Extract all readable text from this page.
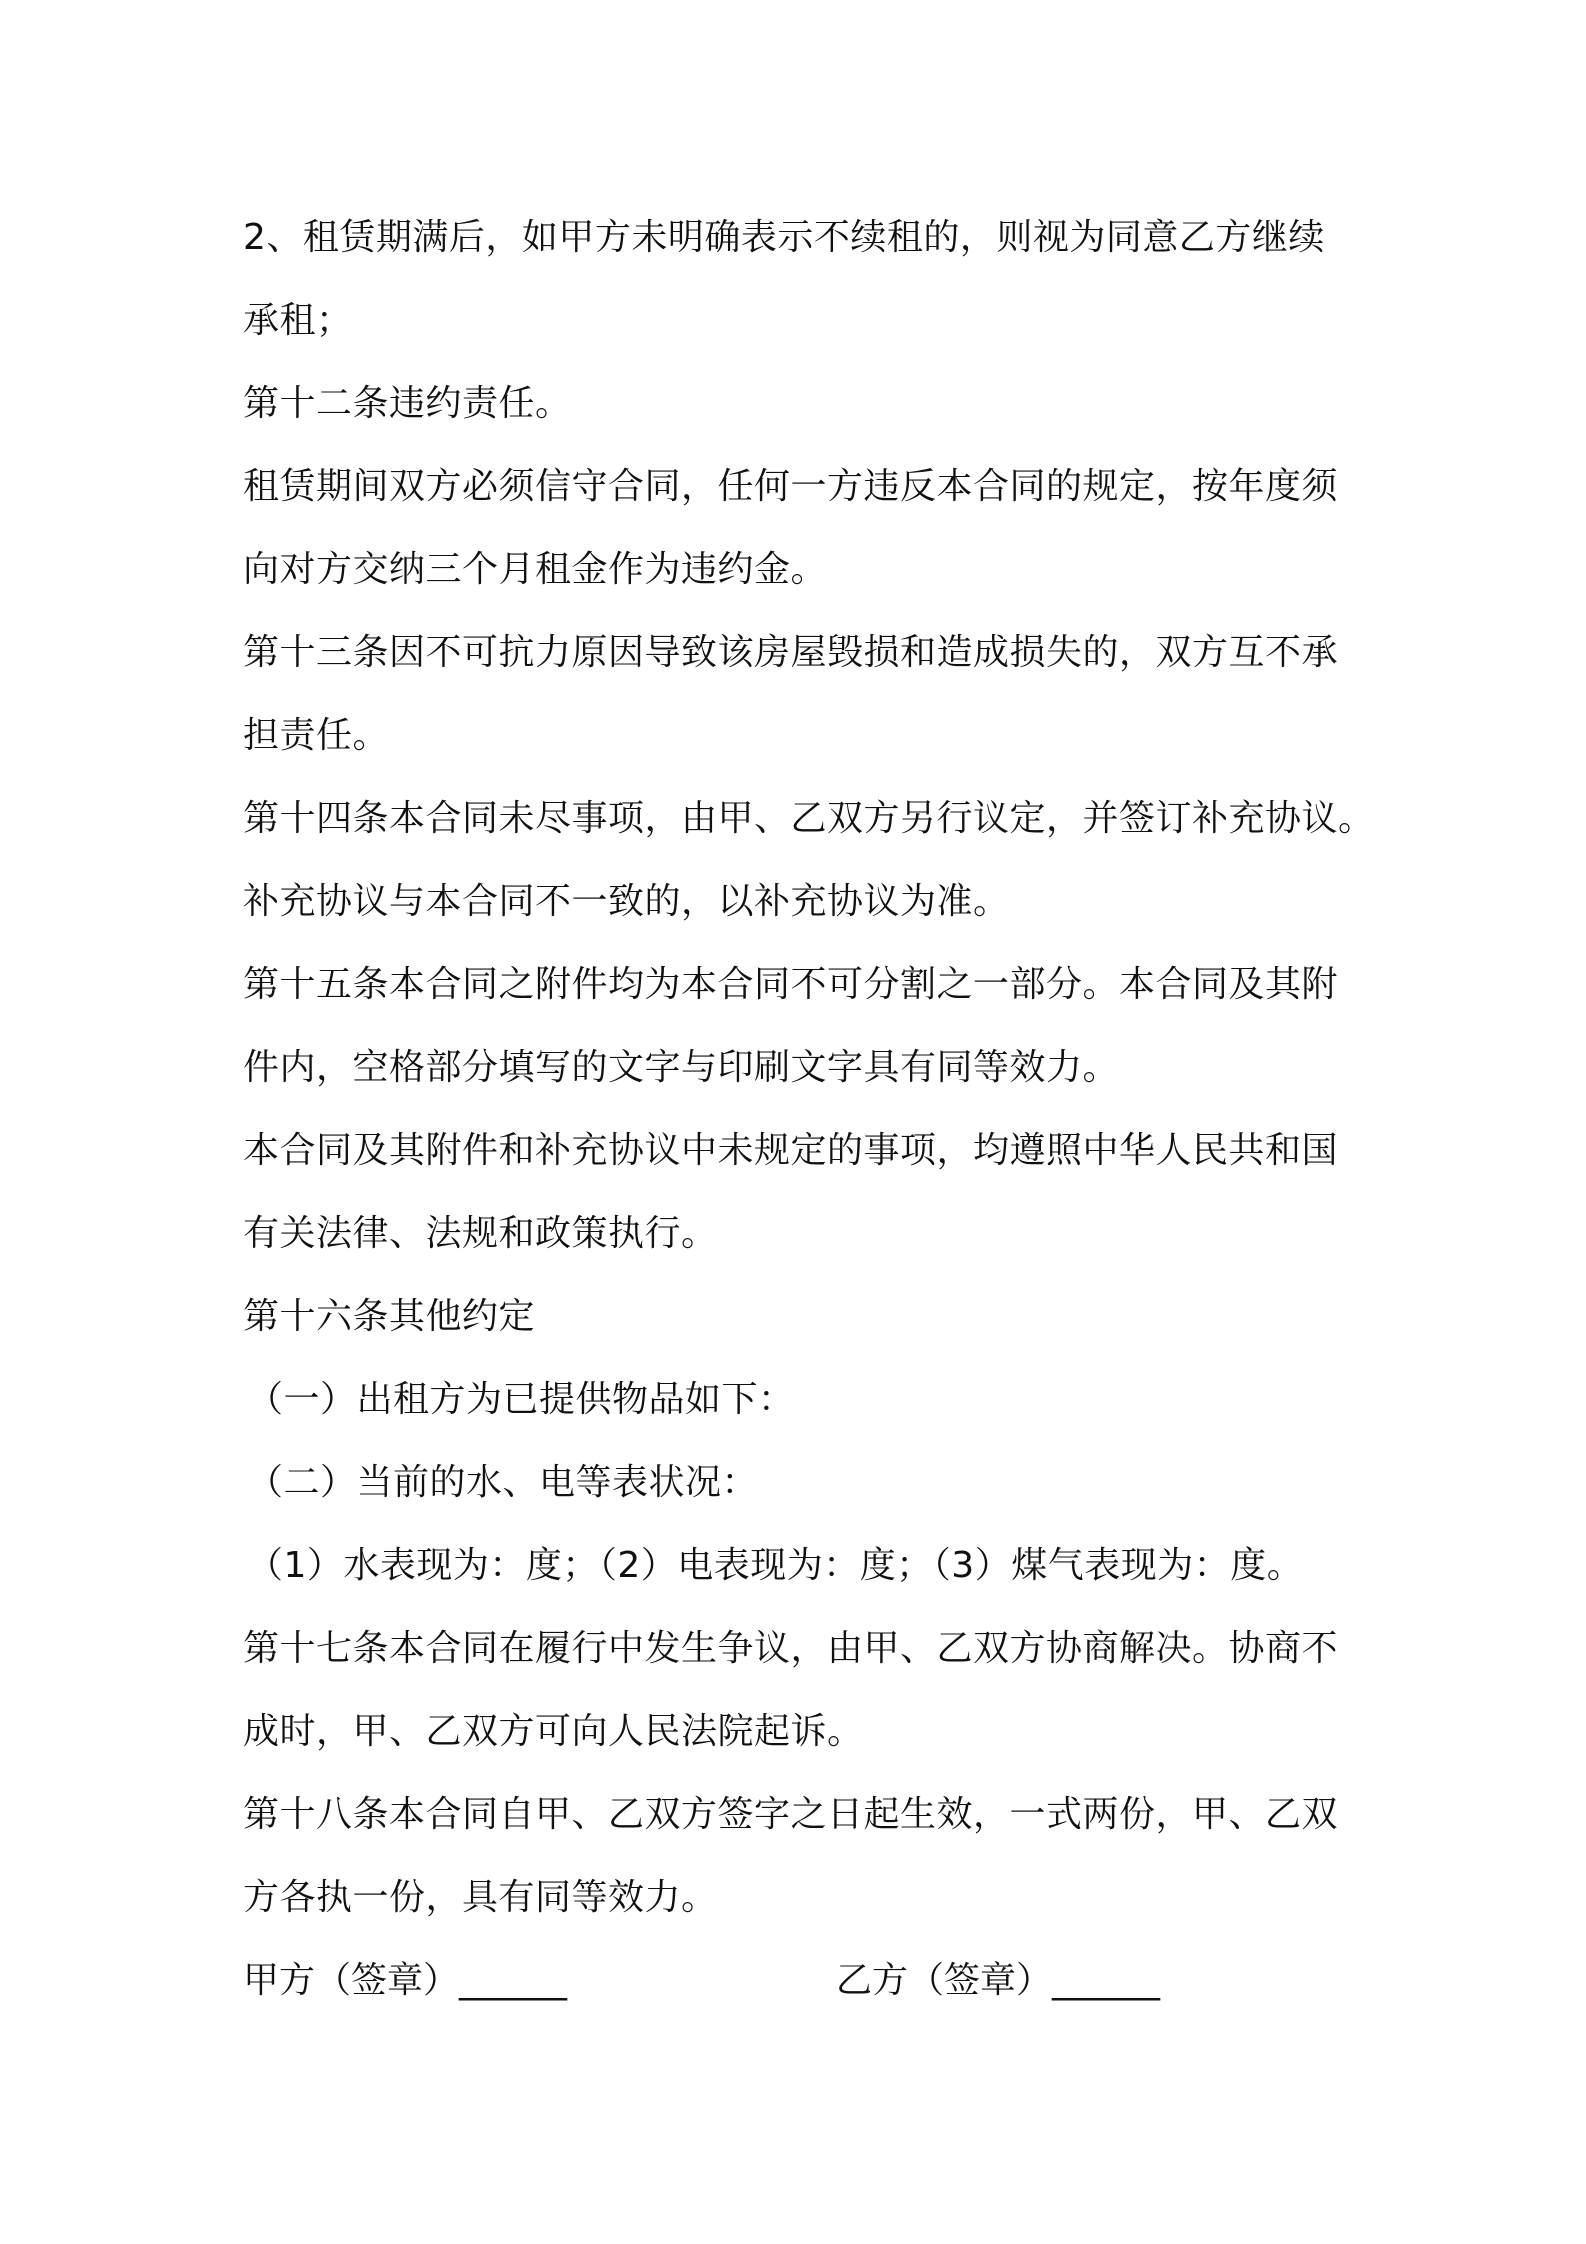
2、租赁期满后，如甲方未明确表示不续租的，则视为同意乙方继续
承租；
第十二条违约责任。
租赁期间双方必须信守合同，任何一方违反本合同的规定，按年度须
向对方交纳三个月租金作为违约金。
第十三条因不可抗力原因导致该房屋毁损和造成损失的，双方互不承
担责任。
第十四条本合同未尽事项，由甲、乙双方另行议定，并签订补充协议。
补充协议与本合同不一致的，以补充协议为准。
第十五条本合同之附件均为本合同不可分割之一部分。本合同及其附
件内，空格部分填写的文字与印刷文字具有同等效力。
本合同及其附件和补充协议中未规定的事项，均遵照中华人民共和国
有关法律、法规和政策执行。
第十六条其他约定
（一）出租方为已提供物品如下：
（二）当前的水、电等表状况：
（1）水表现为：度；（2）电表现为：度；（3）煤气表现为：度。
第十七条本合同在履行中发生争议，由甲、乙双方协商解决。协商不
成时，甲、乙双方可向人民法院起诉。
第十八条本合同自甲、乙双方签字之日起生效，一式两份，甲、乙双
方各执一份，具有同等效力。
甲方（签章）______	乙方（签章）______
